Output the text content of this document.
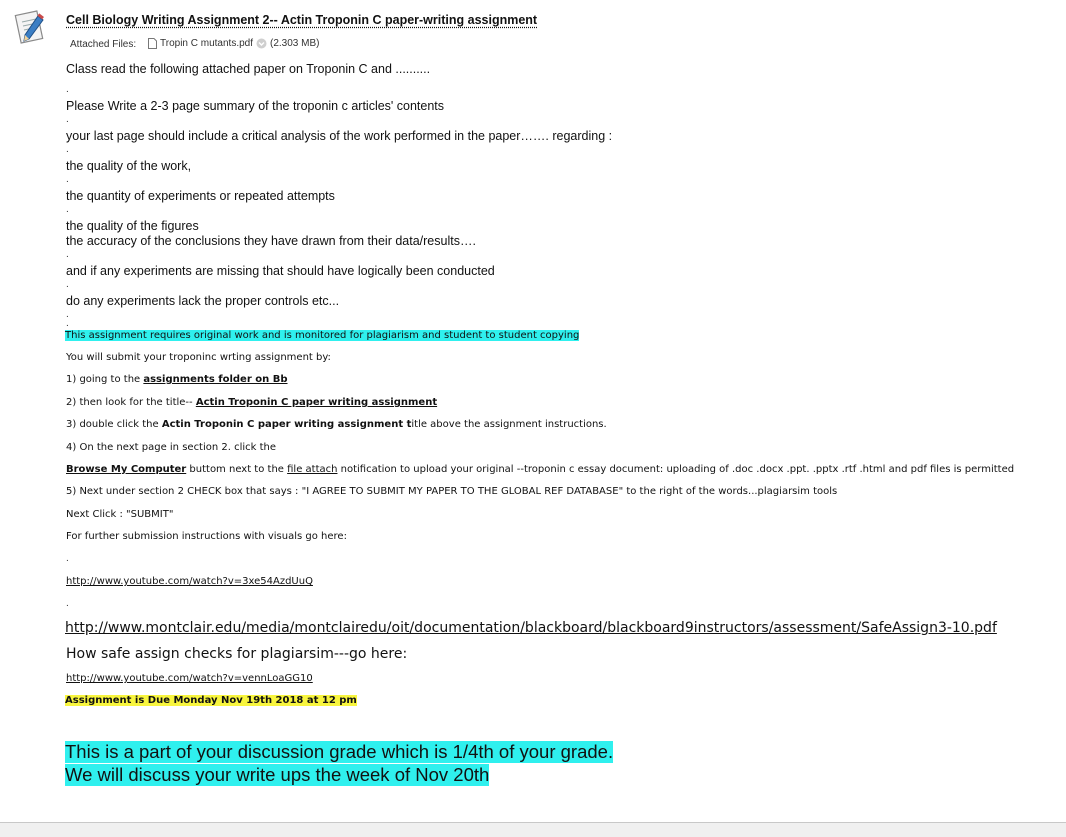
Cell Biology Writing Assignment 2-- Actin Troponin C paper-writing assignment
Attached Files: Tropin C mutants.pdf (2.303 MB)
Class read the following attached paper on Troponin C and ..........
.
Please Write a 2-3 page summary of the troponin c articles' contents
.
your last page should include a critical analysis of the work performed in the paper……. regarding :
.
the quality of the work,
.
the quantity of experiments or repeated attempts
.
the quality of the figures
the accuracy of the conclusions they have drawn from their data/results….
.
and if any experiments are missing that should have logically been conducted
.
do any experiments lack the proper controls etc...
.
.
This assignment requires original work and is monitored for plagiarism and student to student copying
You will submit your troponinc wrting assignment by:
1) going to the assignments folder on Bb
2) then look for the title-- Actin Troponin C paper writing assignment
3) double click the Actin Troponin C paper writing assignment title above the assignment instructions.
4) On the next page in section 2. click the
Browse My Computer buttom next to the file attach notification to upload your original --troponin c essay document: uploading of .doc .docx .ppt. .pptx .rtf .html and pdf files is permitted
5) Next under section 2 CHECK box that says : "I AGREE TO SUBMIT MY PAPER TO THE GLOBAL REF DATABASE" to the right of the words...plagiarsim tools
Next Click : "SUBMIT"
For further submission instructions with visuals go here:
.
http://www.youtube.com/watch?v=3xe54AzdUuQ
.
http://www.montclair.edu/media/montclairedu/oit/documentation/blackboard/blackboard9instructors/assessment/SafeAssign3-10.pdf
How safe assign checks for plagiarsim---go here:
http://www.youtube.com/watch?v=vennLoaGG10
Assignment is Due Monday Nov 19th 2018 at 12 pm
This is a part of your discussion grade which is 1/4th of your grade.
We will discuss your write ups the week of Nov 20th
